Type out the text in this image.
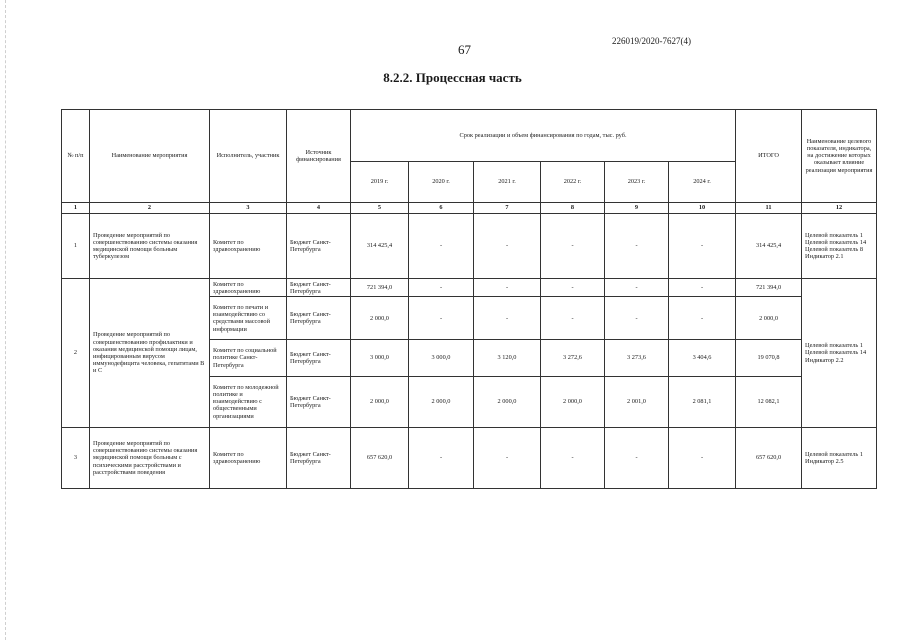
226019/2020-7627(4)
67
8.2.2. Процессная часть
№ п/п	Наименование мероприятия	Исполнитель, участник	Источник финансирования	Срок реализации и объем финансирования по годам, тыс. руб.						ИТОГО	Наименование целевого показателя, индикатора, на достижение которых оказывает влияние реализация мероприятия
				2019 г.	2020 г.	2021 г.	2022 г.	2023 г.	2024 г.		
1	2	3	4	5	6	7	8	9	10	11	12
1	Проведение мероприятий по совершенствованию системы оказания медицинской помощи больным туберкулезом	Комитет по здравоохранению	Бюджет Санкт-Петербурга	314 425,4	-	-	-	-	-	314 425,4	Целевой показатель 1 Целевой показатель 14 Целевой показатель 8 Индикатор 2.1
2	Проведение мероприятий по совершенствованию профилактики и оказания медицинской помощи лицам, инфицированным вирусом иммунодефицита человека, гепатитами B и C	Комитет по здравоохранению	Бюджет Санкт-Петербурга	721 394,0	-	-	-	-	-	721 394,0	Целевой показатель 1 Целевой показатель 14 Индикатор 2.2
		Комитет по печати и взаимодействию со средствами массовой информации	Бюджет Санкт-Петербурга	2 000,0	-	-	-	-	-	2 000,0	
		Комитет по социальной политике Санкт-Петербурга	Бюджет Санкт-Петербурга	3 000,0	3 000,0	3 120,0	3 272,6	3 273,6	3 404,6	19 070,8	
		Комитет по молодежной политике и взаимодействию с общественными организациями	Бюджет Санкт-Петербурга	2 000,0	2 000,0	2 000,0	2 000,0	2 001,0	2 081,1	12 082,1	
3	Проведение мероприятий по совершенствованию системы оказания медицинской помощи больным с психическими расстройствами и расстройствами поведения	Комитет по здравоохранению	Бюджет Санкт-Петербурга	657 620,0	-	-	-	-	-	657 620,0	Целевой показатель 1 Индикатор 2.5
